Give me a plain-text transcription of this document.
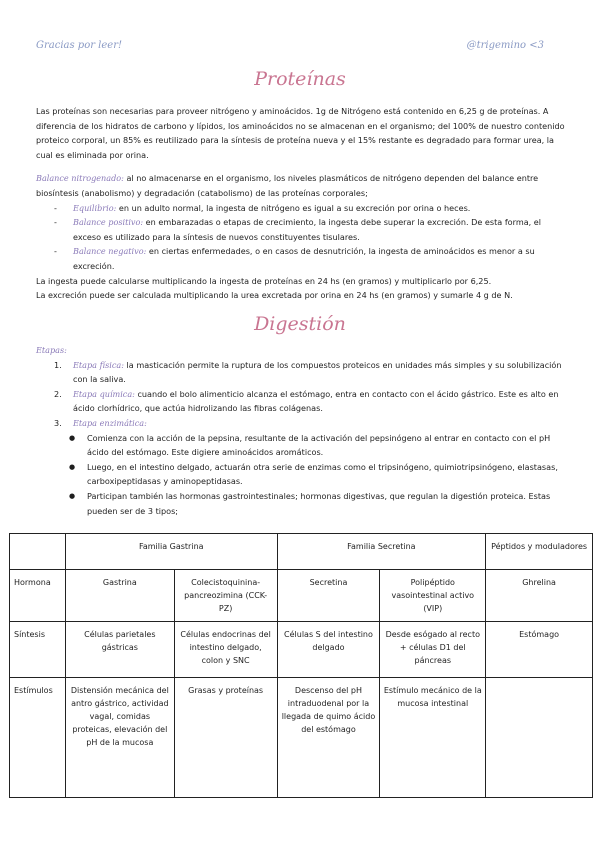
Gracias por leer!	@trigemino <3
Proteínas
Las proteínas son necesarias para proveer nitrógeno y aminoácidos. 1g de Nitrógeno está contenido en 6,25 g de proteínas. A diferencia de los hidratos de carbono y lípidos, los aminoácidos no se almacenan en el organismo; del 100% de nuestro contenido proteico corporal, un 85% es reutilizado para la síntesis de proteína nueva y el 15% restante es degradado para formar urea, la cual es eliminada por orina.
Balance nitrogenado: al no almacenarse en el organismo, los niveles plasmáticos de nitrógeno dependen del balance entre biosíntesis (anabolismo) y degradación (catabolismo) de las proteínas corporales;
- Equilibrio: en un adulto normal, la ingesta de nitrógeno es igual a su excreción por orina o heces.
- Balance positivo: en embarazadas o etapas de crecimiento, la ingesta debe superar la excreción. De esta forma, el exceso es utilizado para la síntesis de nuevos constituyentes tisulares.
- Balance negativo: en ciertas enfermedades, o en casos de desnutrición, la ingesta de aminoácidos es menor a su excreción.
La ingesta puede calcularse multiplicando la ingesta de proteínas en 24 hs (en gramos) y multiplicarlo por 6,25.
La excreción puede ser calculada multiplicando la urea excretada por orina en 24 hs (en gramos) y sumarle 4 g de N.
Digestión
Etapas:
1. Etapa física: la masticación permite la ruptura de los compuestos proteicos en unidades más simples y su solubilización con la saliva.
2. Etapa química: cuando el bolo alimenticio alcanza el estómago, entra en contacto con el ácido gástrico. Este es alto en ácido clorhídrico, que actúa hidrolizando las fibras colágenas.
3. Etapa enzimática:
● Comienza con la acción de la pepsina, resultante de la activación del pepsinógeno al entrar en contacto con el pH ácido del estómago. Este digiere aminoácidos aromáticos.
● Luego, en el intestino delgado, actuarán otra serie de enzimas como el tripsinógeno, quimiotripsinógeno, elastasas, carboxipeptidasas y aminopeptidasas.
● Participan también las hormonas gastrointestinales; hormonas digestivas, que regulan la digestión proteica. Estas pueden ser de 3 tipos;
	Familia Gastrina		Familia Secretina		Péptidos y moduladores
Hormona	Gastrina	Colecistoquinina-pancreozimina (CCK-PZ)	Secretina	Polipéptido vasointestinal activo (VIP)	Ghrelina
Síntesis	Células parietales gástricas	Células endocrinas del intestino delgado, colon y SNC	Células S del intestino delgado	Desde esógado al recto + células D1 del páncreas	Estómago
Estímulos	Distensión mecánica del antro gástrico, actividad vagal, comidas proteicas, elevación del pH de la mucosa	Grasas y proteínas	Descenso del pH intraduodenal por la llegada de quimo ácido del estómago	Estímulo mecánico de la mucosa intestinal	
